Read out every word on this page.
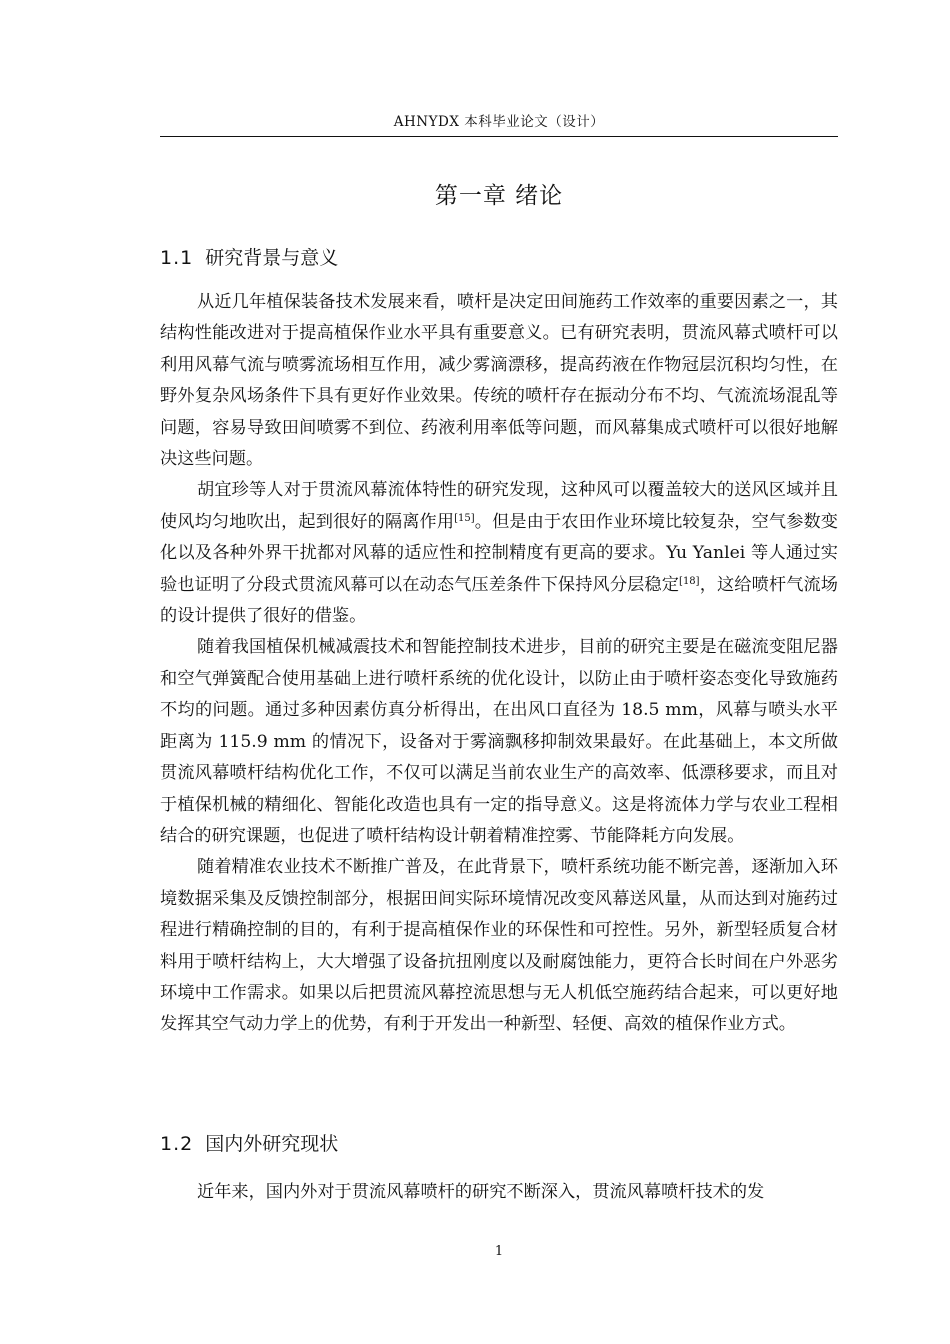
AHNYDX 本科毕业论文（设计）
第一章 绪论
1.1 研究背景与意义

从近几年植保装备技术发展来看，喷杆是决定田间施药工作效率的重要因素之一，其结构性能改进对于提高植保作业水平具有重要意义。已有研究表明，贯流风幕式喷杆可以利用风幕气流与喷雾流场相互作用，减少雾滴漂移，提高药液在作物冠层沉积均匀性，在野外复杂风场条件下具有更好作业效果。传统的喷杆存在振动分布不均、气流流场混乱等问题，容易导致田间喷雾不到位、药液利用率低等问题，而风幕集成式喷杆可以很好地解决这些问题。

胡宜珍等人对于贯流风幕流体特性的研究发现，这种风可以覆盖较大的送风区域并且使风均匀地吹出，起到很好的隔离作用[15]。但是由于农田作业环境比较复杂，空气参数变化以及各种外界干扰都对风幕的适应性和控制精度有更高的要求。Yu Yanlei 等人通过实验也证明了分段式贯流风幕可以在动态气压差条件下保持风分层稳定[18]，这给喷杆气流场的设计提供了很好的借鉴。

随着我国植保机械减震技术和智能控制技术进步，目前的研究主要是在磁流变阻尼器和空气弹簧配合使用基础上进行喷杆系统的优化设计，以防止由于喷杆姿态变化导致施药不均的问题。通过多种因素仿真分析得出，在出风口直径为 18.5 mm，风幕与喷头水平距离为 115.9 mm 的情况下，设备对于雾滴飘移抑制效果最好。在此基础上，本文所做贯流风幕喷杆结构优化工作，不仅可以满足当前农业生产的高效率、低漂移要求，而且对于植保机械的精细化、智能化改造也具有一定的指导意义。这是将流体力学与农业工程相结合的研究课题，也促进了喷杆结构设计朝着精准控雾、节能降耗方向发展。

随着精准农业技术不断推广普及，在此背景下，喷杆系统功能不断完善，逐渐加入环境数据采集及反馈控制部分，根据田间实际环境情况改变风幕送风量，从而达到对施药过程进行精确控制的目的，有利于提高植保作业的环保性和可控性。另外，新型轻质复合材料用于喷杆结构上，大大增强了设备抗扭刚度以及耐腐蚀能力，更符合长时间在户外恶劣环境中工作需求。如果以后把贯流风幕控流思想与无人机低空施药结合起来，可以更好地发挥其空气动力学上的优势，有利于开发出一种新型、轻便、高效的植保作业方式。

1.2 国内外研究现状

近年来，国内外对于贯流风幕喷杆的研究不断深入，贯流风幕喷杆技术的发

1
